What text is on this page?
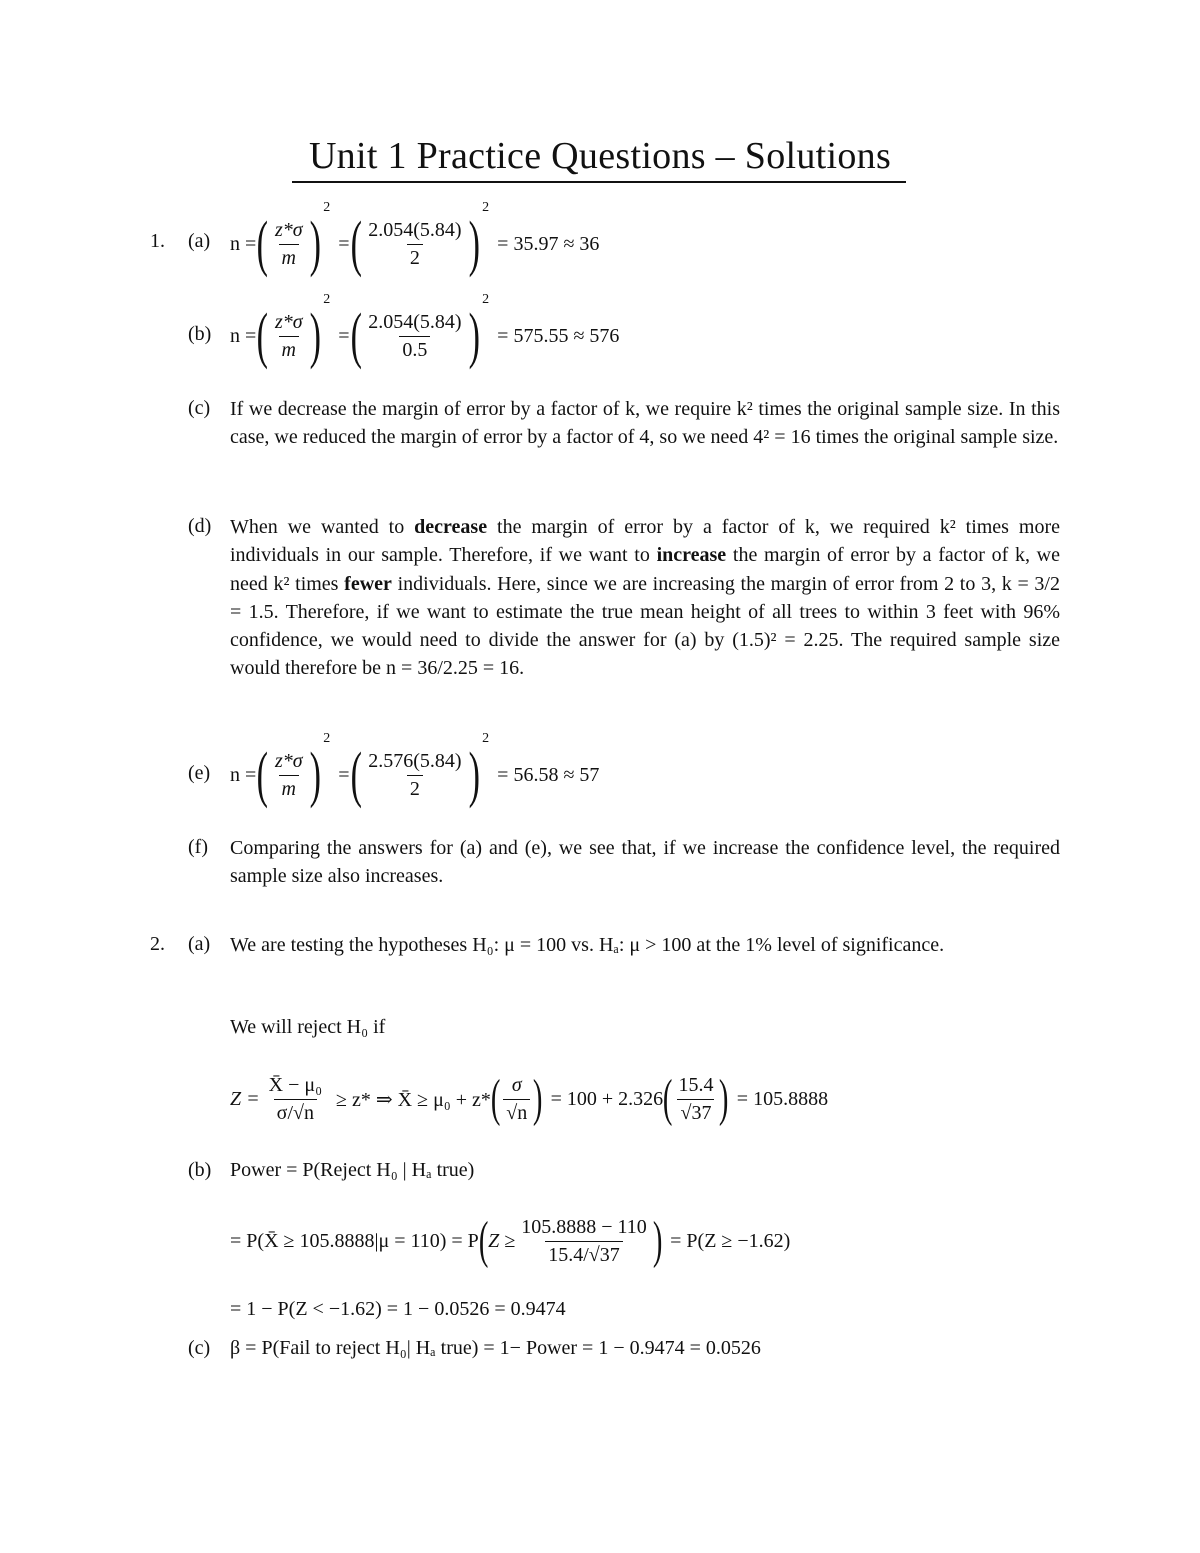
Unit 1 Practice Questions – Solutions
1. (a) n = ( $\frac{z*\sigma}{m}$ )
2
= ( $\frac{2.054(5.84)}{2}$ )
2
= 35.97 ≈ 36
(b) n = ( $\frac{z*\sigma}{m}$ )
2
= ( $\frac{2.054(5.84)}{0.5}$ )
2
= 575.55 ≈ 576
(c) If we decrease the margin of error by a factor of k, we require k² times the original sample size. In this case, we reduced the margin of error by a factor of 4, so we need 4² = 16 times the original sample size.
(d) When we wanted to decrease the margin of error by a factor of k, we required k² times more individuals in our sample. Therefore, if we want to increase the margin of error by a factor of k, we need k² times fewer individuals. Here, since we are increasing the margin of error from 2 to 3, k = 3/2 = 1.5. Therefore, if we want to estimate the true mean height of all trees to within 3 feet with 96% confidence, we would need to divide the answer for (a) by (1.5)² = 2.25. The required sample size would therefore be n = 36/2.25 = 16.
(e) n = ( $\frac{z*\sigma}{m}$ )
2
= ( $\frac{2.576(5.84)}{2}$ )
2
= 56.58 ≈ 57
(f) Comparing the answers for (a) and (e), we see that, if we increase the confidence level, the required sample size also increases.
2. (a) We are testing the hypotheses H₀: μ = 100 vs. Hₐ: μ > 100 at the 1% level of significance.
We will reject H₀ if
$Z = \frac{\text{X̄ − μ₀}}{\sigma/√n} \ge z*$ ⇒ X̄ ≥ μ₀ + z* ( $\frac{\sigma}{√n}$ ) = 100 + 2.326 ( $\frac{15.4}{√37}$ ) = 105.8888
(b) Power = P(Reject H₀ | Hₐ true)
= P(X̄ ≥ 105.8888|μ = 110) = P ( $Z \ge \frac{105.8888 - 110}{15.4/√37}$ ) = P(Z ≥ −1.62)
= 1 − P(Z < −1.62) = 1 − 0.0526 = 0.9474
(c) β = P(Fail to reject H₀| Hₐ true) = 1− Power = 1 − 0.9474 = 0.0526
